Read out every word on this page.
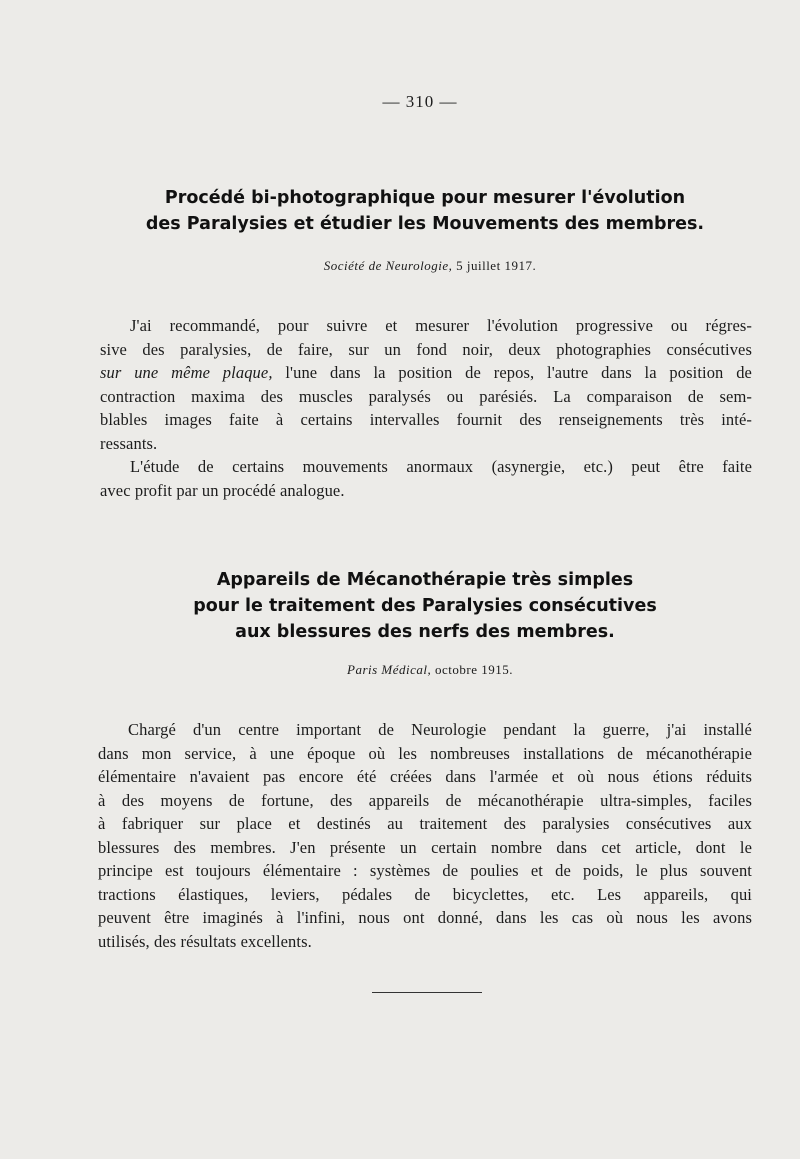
— 310 —
Procédé bi-photographique pour mesurer l'évolution
des Paralysies et étudier les Mouvements des membres.
Société de Neurologie, 5 juillet 1917.
J'ai recommandé, pour suivre et mesurer l'évolution progressive ou régres-
sive des paralysies, de faire, sur un fond noir, deux photographies consécutives
sur une même plaque, l'une dans la position de repos, l'autre dans la position de
contraction maxima des muscles paralysés ou parésiés. La comparaison de sem-
blables images faite à certains intervalles fournit des renseignements très inté-
ressants.
L'étude de certains mouvements anormaux (asynergie, etc.) peut être faite
avec profit par un procédé analogue.
Appareils de Mécanothérapie très simples
pour le traitement des Paralysies consécutives
aux blessures des nerfs des membres.
Paris Médical, octobre 1915.
Chargé d'un centre important de Neurologie pendant la guerre, j'ai installé
dans mon service, à une époque où les nombreuses installations de mécanothérapie
élémentaire n'avaient pas encore été créées dans l'armée et où nous étions réduits
à des moyens de fortune, des appareils de mécanothérapie ultra-simples, faciles
à fabriquer sur place et destinés au traitement des paralysies consécutives aux
blessures des membres. J'en présente un certain nombre dans cet article, dont le
principe est toujours élémentaire : systèmes de poulies et de poids, le plus souvent
tractions élastiques, leviers, pédales de bicyclettes, etc. Les appareils, qui
peuvent être imaginés à l'infini, nous ont donné, dans les cas où nous les avons
utilisés, des résultats excellents.
